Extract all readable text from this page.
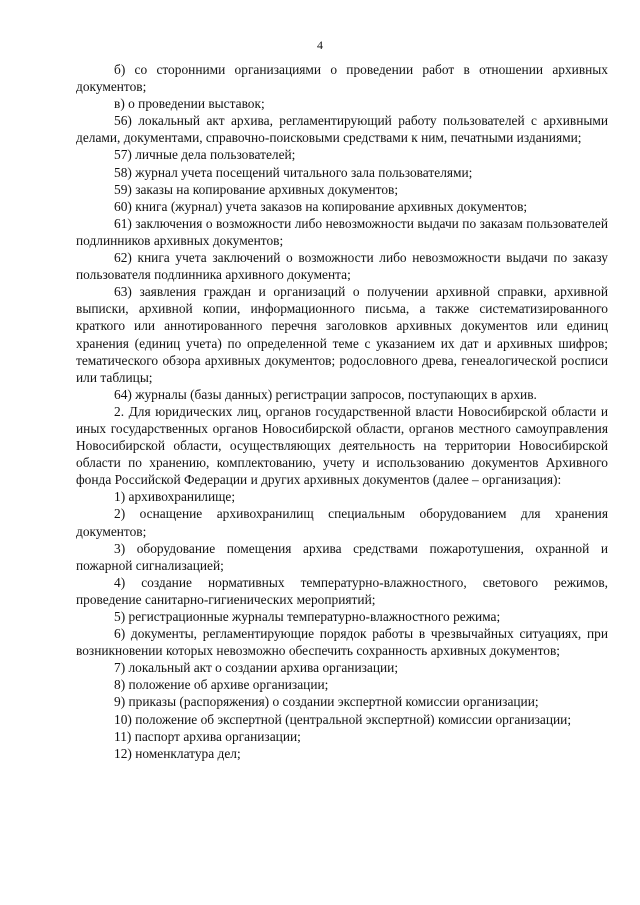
4

б) со сторонними организациями о проведении работ в отношении архивных документов;

в) о проведении выставок;

56) локальный акт архива, регламентирующий работу пользователей с архивными делами, документами, справочно-поисковыми средствами к ним, печатными изданиями;

57) личные дела пользователей;

58) журнал учета посещений читального зала пользователями;

59) заказы на копирование архивных документов;

60) книга (журнал) учета заказов на копирование архивных документов;

61) заключения о возможности либо невозможности выдачи по заказам пользователей подлинников архивных документов;

62) книга учета заключений о возможности либо невозможности выдачи по заказу пользователя подлинника архивного документа;

63) заявления граждан и организаций о получении архивной справки, архивной выписки, архивной копии, информационного письма, а также систематизированного краткого или аннотированного перечня заголовков архивных документов или единиц хранения (единиц учета) по определенной теме с указанием их дат и архивных шифров; тематического обзора архивных документов; родословного древа, генеалогической росписи или таблицы;

64) журналы (базы данных) регистрации запросов, поступающих в архив.

2. Для юридических лиц, органов государственной власти Новосибирской области и иных государственных органов Новосибирской области, органов местного самоуправления Новосибирской области, осуществляющих деятельность на территории Новосибирской области по хранению, комплектованию, учету и использованию документов Архивного фонда Российской Федерации и других архивных документов (далее – организация):

1) архивохранилище;

2) оснащение архивохранилищ специальным оборудованием для хранения документов;

3) оборудование помещения архива средствами пожаротушения, охранной и пожарной сигнализацией;

4) создание нормативных температурно-влажностного, светового режимов, проведение санитарно-гигиенических мероприятий;

5) регистрационные журналы температурно-влажностного режима;

6) документы, регламентирующие порядок работы в чрезвычайных ситуациях, при возникновении которых невозможно обеспечить сохранность архивных документов;

7) локальный акт о создании архива организации;

8) положение об архиве организации;

9) приказы (распоряжения) о создании экспертной комиссии организации;

10) положение об экспертной (центральной экспертной) комиссии организации;

11) паспорт архива организации;

12) номенклатура дел;
